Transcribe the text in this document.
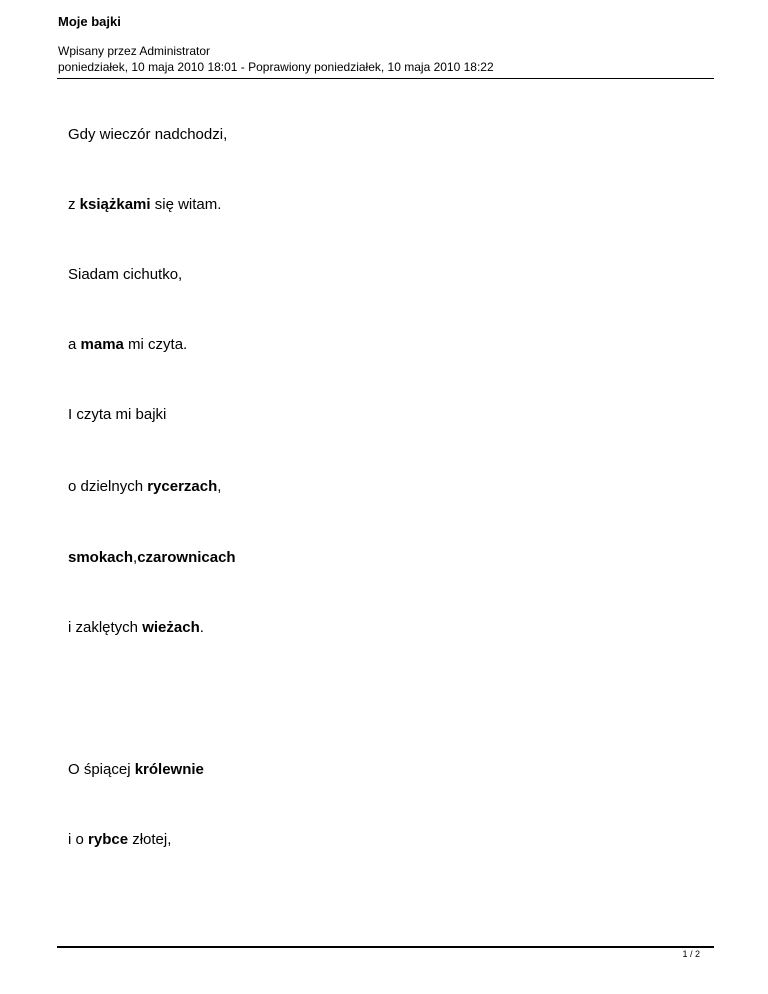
Moje bajki
Wpisany przez Administrator
poniedziałek, 10 maja 2010 18:01 - Poprawiony poniedziałek, 10 maja 2010 18:22
Gdy wieczór nadchodzi,
z książkami się witam.
Siadam cichutko,
a mama mi czyta.
I czyta mi bajki
o dzielnych rycerzach,
smokach,czarownicach
i zaklętych wieżach.
O śpiącej królewnie
i o rybce złotej,
1 / 2
